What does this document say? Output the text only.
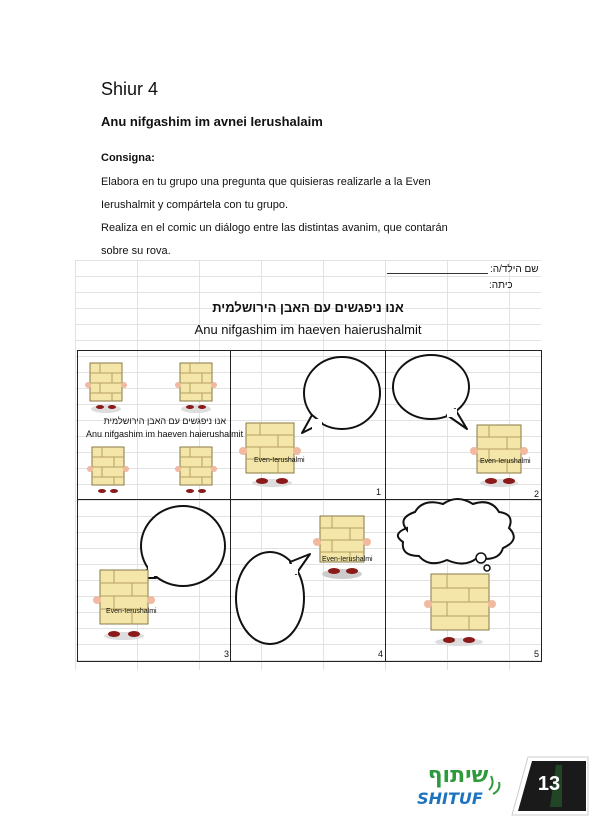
Shiur 4
Anu nifgashim im avnei Ierushalaim
Consigna:
Elabora en tu grupo una pregunta que quisieras realizarle a la Even
Ierushalmit y compártela con tu grupo.
Realiza en el comic un diálogo entre las distintas avanim, que contarán
sobre su rova.
שם הילד/ה:
כיתה:
אנו ניפגשים עם האבן הירושלמית
Anu nifgashim im haeven haierushalmit
אנו ניפגשים עם האבן הירושלמית
Anu nifgashim im haeven haierushalmit
Even-Ierushalmi
1
Even-Ierushalmi
2
Even-Ierushalmi
3
Even-Ierushalmi
4	5
שיתוף
SHITUF
13
